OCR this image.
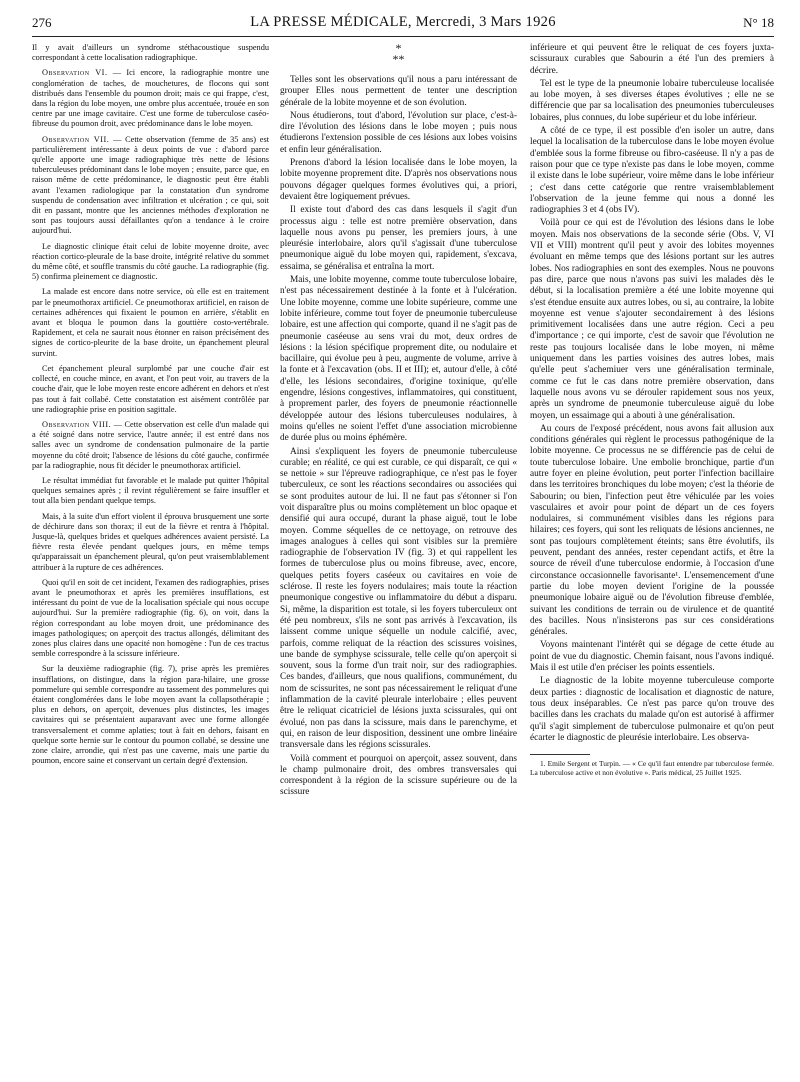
276	LA PRESSE MÉDICALE, Mercredi, 3 Mars 1926	N° 18

Il y avait d'ailleurs un syndrome stéthacoustique suspendu correspondant à cette localisation radiographique.

Observation VI. — Ici encore, la radiographie montre une conglomération de taches, de mouchetures, de flocons qui sont distribués dans l'ensemble du poumon droit; mais ce qui frappe, c'est, dans la région du lobe moyen, une ombre plus accentuée, trouée en son centre par une image cavitaire. C'est une forme de tuberculose caséo-fibreuse du poumon droit, avec prédominance dans le lobe moyen.

Observation VII. — Cette observation (femme de 35 ans) est particulièrement intéressante à deux points de vue : d'abord parce qu'elle apporte une image radiographique très nette de lésions tuberculeuses prédominant dans le lobe moyen ; ensuite, parce que, en raison même de cette prédominance, le diagnostic peut être établi avant l'examen radiologique par la constatation d'un syndrome suspendu de condensation avec infiltration et ulcération ; ce qui, soit dit en passant, montre que les anciennes méthodes d'exploration ne sont pas toujours aussi défaillantes qu'on a tendance à le croire aujourd'hui.

Le diagnostic clinique était celui de lobite moyenne droite, avec réaction cortico-pleurale de la base droite, intégrité relative du sommet du même côté, et souffle transmis du côté gauche. La radiographie (fig. 5) confirma pleinement ce diagnostic.

La malade est encore dans notre service, où elle est en traitement par le pneumothorax artificiel. Ce pneumothorax artificiel, en raison de certaines adhérences qui fixaient le poumon en arrière, s'établit en avant et bloqua le poumon dans la gouttière costo-vertébrale. Rapidement, et cela ne saurait nous étonner en raison précisément des signes de cortico-pleurite de la base droite, un épanchement pleural survint.

Cet épanchement pleural surplombé par une couche d'air est collecté, en couche mince, en avant, et l'on peut voir, au travers de la couche d'air, que le lobe moyen reste encore adhérent en dehors et n'est pas tout à fait collabé. Cette constatation est aisément contrôlée par une radiographie prise en position sagittale.

Observation VIII. — Cette observation est celle d'un malade qui a été soigné dans notre service, l'autre année; il est entré dans nos salles avec un syndrome de condensation pulmonaire de la partie moyenne du côté droit; l'absence de lésions du côté gauche, confirmée par la radiographie, nous fit décider le pneumothorax artificiel.

Le résultat immédiat fut favorable et le malade put quitter l'hôpital quelques semaines après ; il revint régulièrement se faire insuffler et tout alla bien pendant quelque temps.

Mais, à la suite d'un effort violent il éprouva brusquement une sorte de déchirure dans son thorax; il eut de la fièvre et rentra à l'hôpital. Jusque-là, quelques brides et quelques adhérences avaient persisté. La fièvre resta élevée pendant quelques jours, en même temps qu'apparaissait un épanchement pleural, qu'on peut vraisemblablement attribuer à la rupture de ces adhérences.

Quoi qu'il en soit de cet incident, l'examen des radiographies, prises avant le pneumothorax et après les premières insufflations, est intéressant du point de vue de la localisation spéciale qui nous occupe aujourd'hui. Sur la première radiographie (fig. 6), on voit, dans la région correspondant au lobe moyen droit, une prédominance des images pathologiques; on aperçoit des tractus allongés, délimitant des zones plus claires dans une opacité non homogène : l'un de ces tractus semble correspondre à la scissure inférieure.

Sur la deuxième radiographie (fig. 7), prise après les premières insufflations, on distingue, dans la région para-hilaire, une grosse pommelure qui semble correspondre au tassement des pommelures qui étaient conglomérées dans le lobe moyen avant la collapsothérapie ; plus en dehors, on aperçoit, devenues plus distinctes, les images cavitaires qui se présentaient auparavant avec une forme allongée transversalement et comme aplaties; tout à fait en dehors, faisant en quelque sorte hernie sur le contour du poumon collabé, se dessine une zone claire, arrondie, qui n'est pas une caverne, mais une partie du poumon, encore saine et conservant un certain degré d'extension.

*
**

Telles sont les observations qu'il nous a paru intéressant de grouper Elles nous permettent de tenter une description générale de la lobite moyenne et de son évolution.

Nous étudierons, tout d'abord, l'évolution sur place, c'est-à-dire l'évolution des lésions dans le lobe moyen ; puis nous étudierons l'extension possible de ces lésions aux lobes voisins et enfin leur généralisation.

Prenons d'abord la lésion localisée dans le lobe moyen, la lobite moyenne proprement dite. D'après nos observations nous pouvons dégager quelques formes évolutives qui, a priori, devaient être logiquement prévues.

Il existe tout d'abord des cas dans lesquels il s'agit d'un processus aigu : telle est notre première observation, dans laquelle nous avons pu penser, les premiers jours, à une pleurésie interlobaire, alors qu'il s'agissait d'une tuberculose pneumonique aiguë du lobe moyen qui, rapidement, s'excava, essaima, se généralisa et entraîna la mort.

Mais, une lobite moyenne, comme toute tuberculose lobaire, n'est pas nécessairement destinée à la fonte et à l'ulcération. Une lobite moyenne, comme une lobite supérieure, comme une lobite inférieure, comme tout foyer de pneumonie tuberculeuse lobaire, est une affection qui comporte, quand il ne s'agit pas de pneumonie caséeuse au sens vrai du mot, deux ordres de lésions : la lésion spécifique proprement dite, ou nodulaire et bacillaire, qui évolue peu à peu, augmente de volume, arrive à la fonte et à l'excavation (obs. II et III); et, autour d'elle, à côté d'elle, les lésions secondaires, d'origine toxinique, qu'elle engendre, lésions congestives, inflammatoires, qui constituent, à proprement parler, des foyers de pneumonie réactionnelle développée autour des lésions tuberculeuses nodulaires, à moins qu'elles ne soient l'effet d'une association microbienne de durée plus ou moins éphémère.

Ainsi s'expliquent les foyers de pneumonie tuberculeuse curable; en réalité, ce qui est curable, ce qui disparaît, ce qui « se nettoie » sur l'épreuve radiographique, ce n'est pas le foyer tuberculeux, ce sont les réactions secondaires ou associées qui se sont produites autour de lui. Il ne faut pas s'étonner si l'on voit disparaître plus ou moins complètement un bloc opaque et densifié qui aura occupé, durant la phase aiguë, tout le lobe moyen. Comme séquelles de ce nettoyage, on retrouve des images analogues à celles qui sont visibles sur la première radiographie de l'observation IV (fig. 3) et qui rappellent les formes de tuberculose plus ou moins fibreuse, avec, encore, quelques petits foyers caséeux ou cavitaires en voie de sclérose. Il reste les foyers nodulaires; mais toute la réaction pneumonique congestive ou inflammatoire du début a disparu. Si, même, la disparition est totale, si les foyers tuberculeux ont été peu nombreux, s'ils ne sont pas arrivés à l'excavation, ils laissent comme unique séquelle un nodule calcifié, avec, parfois, comme reliquat de la réaction des scissures voisines, une bande de symphyse scissurale, telle celle qu'on aperçoit si souvent, sous la forme d'un trait noir, sur des radiographies. Ces bandes, d'ailleurs, que nous qualifions, communément, du nom de scissurites, ne sont pas nécessairement le reliquat d'une inflammation de la cavité pleurale interlobaire ; elles peuvent être le reliquat cicatriciel de lésions juxta scissurales, qui ont évolué, non pas dans la scissure, mais dans le parenchyme, et qui, en raison de leur disposition, dessinent une ombre linéaire transversale dans les régions scissurales.

Voilà comment et pourquoi on aperçoit, assez souvent, dans le champ pulmonaire droit, des ombres transversales qui correspondent à la région de la scissure supérieure ou de la scissure

inférieure et qui peuvent être le reliquat de ces foyers juxta-scissuraux curables que Sabourin a été l'un des premiers à décrire.

Tel est le type de la pneumonie lobaire tuberculeuse localisée au lobe moyen, à ses diverses étapes évolutives ; elle ne se différencie que par sa localisation des pneumonies tuberculeuses lobaires, plus connues, du lobe supérieur et du lobe inférieur.

A côté de ce type, il est possible d'en isoler un autre, dans lequel la localisation de la tuberculose dans le lobe moyen évolue d'emblée sous la forme fibreuse ou fibro-caséeuse. Il n'y a pas de raison pour que ce type n'existe pas dans le lobe moyen, comme il existe dans le lobe supérieur, voire même dans le lobe inférieur ; c'est dans cette catégorie que rentre vraisemblablement l'observation de la jeune femme qui nous a donné les radiographies 3 et 4 (obs IV).

Voilà pour ce qui est de l'évolution des lésions dans le lobe moyen. Mais nos observations de la seconde série (Obs. V, VI VII et VIII) montrent qu'il peut y avoir des lobites moyennes évoluant en même temps que des lésions portant sur les autres lobes. Nos radiographies en sont des exemples. Nous ne pouvons pas dire, parce que nous n'avons pas suivi les malades dès le début, si la localisation première a été une lobite moyenne qui s'est étendue ensuite aux autres lobes, ou si, au contraire, la lobite moyenne est venue s'ajouter secondairement à des lésions primitivement localisées dans une autre région. Ceci a peu d'importance ; ce qui importe, c'est de savoir que l'évolution ne reste pas toujours localisée dans le lobe moyen, ni même uniquement dans les parties voisines des autres lobes, mais qu'elle peut s'achemiuer vers une généralisation terminale, comme ce fut le cas dans notre première observation, dans laquelle nous avons vu se dérouler rapidement sous nos yeux, après un syndrome de pneumonie tuberculeuse aiguë du lobe moyen, un essaimage qui a abouti à une généralisation.

Au cours de l'exposé précédent, nous avons fait allusion aux conditions générales qui règlent le processus pathogénique de la lobite moyenne. Ce processus ne se différencie pas de celui de toute tuberculose lobaire. Une embolie bronchique, partie d'un autre foyer en pleine évolution, peut porter l'infection bacillaire dans les territoires bronchiques du lobe moyen; c'est la théorie de Sabourin; ou bien, l'infection peut être véhiculée par les voies vasculaires et avoir pour point de départ un de ces foyers nodulaires, si communément visibles dans les régions para hilaires; ces foyers, qui sont les reliquats de lésions anciennes, ne sont pas toujours complètement éteints; sans être évolutifs, ils peuvent, pendant des années, rester cependant actifs, et être la source de réveil d'une tuberculose endormie, à l'occasion d'une circonstance occasionnelle favorisante¹. L'ensemencement d'une partie du lobe moyen devient l'origine de la poussée pneumonique lobaire aiguë ou de l'évolution fibreuse d'emblée, suivant les conditions de terrain ou de virulence et de quantité des bacilles. Nous n'insisterons pas sur ces considérations générales.

Voyons maintenant l'intérêt qui se dégage de cette étude au point de vue du diagnostic. Chemin faisant, nous l'avons indiqué. Mais il est utile d'en préciser les points essentiels.

Le diagnostic de la lobite moyenne tuberculeuse comporte deux parties : diagnostic de localisation et diagnostic de nature, tous deux inséparables. Ce n'est pas parce qu'on trouve des bacilles dans les crachats du malade qu'on est autorisé à affirmer qu'il s'agit simplement de tuberculose pulmonaire et qu'on peut écarter le diagnostic de pleurésie interlobaire. Les observa-

1. Emile Sergent et Turpin. — « Ce qu'il faut entendre par tuberculose fermée. La tuberculose active et non évolutive ». Paris médical, 25 Juillet 1925.
